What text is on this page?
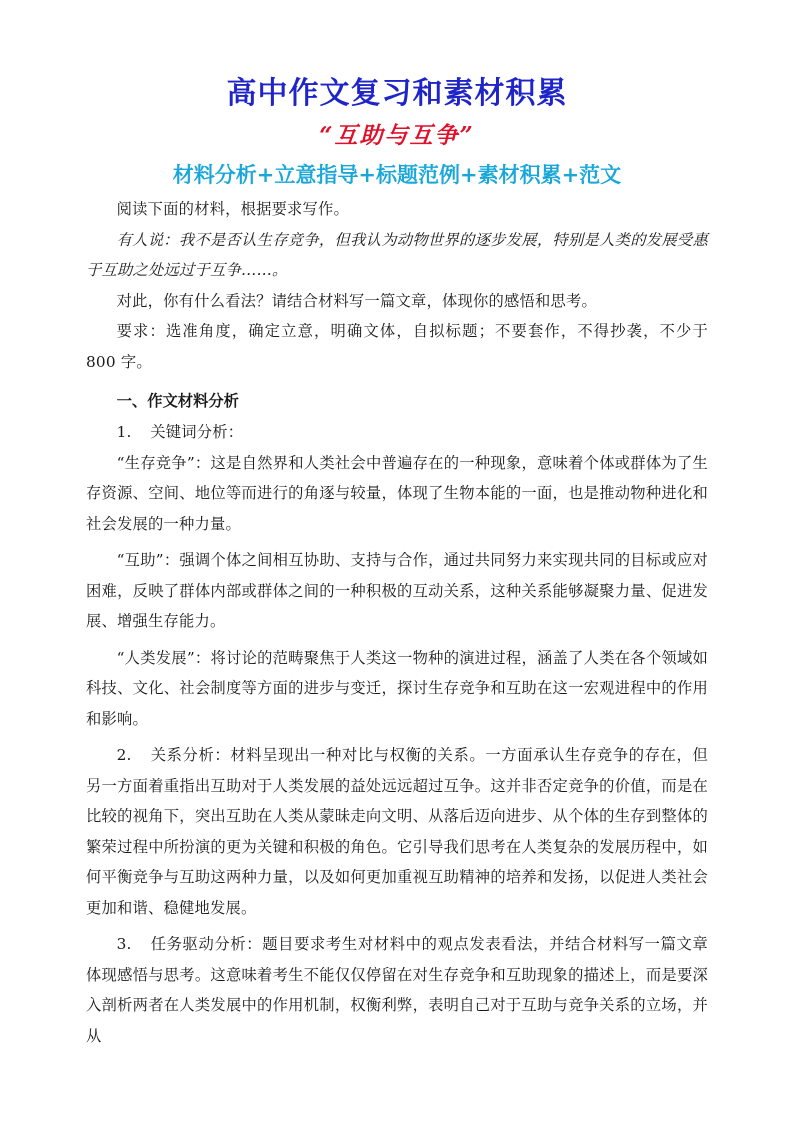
高中作文复习和素材积累
“互助与互争”
材料分析+立意指导+标题范例+素材积累+范文

阅读下面的材料，根据要求写作。

有人说：我不是否认生存竞争，但我认为动物世界的逐步发展，特别是人类的发展受惠于互助之处远过于互争……。

对此，你有什么看法？请结合材料写一篇文章，体现你的感悟和思考。

要求：选准角度，确定立意，明确文体，自拟标题；不要套作，不得抄袭，不少于 800 字。

一、作文材料分析

1. 关键词分析：

“生存竞争”：这是自然界和人类社会中普遍存在的一种现象，意味着个体或群体为了生存资源、空间、地位等而进行的角逐与较量，体现了生物本能的一面，也是推动物种进化和社会发展的一种力量。

“互助”：强调个体之间相互协助、支持与合作，通过共同努力来实现共同的目标或应对困难，反映了群体内部或群体之间的一种积极的互动关系，这种关系能够凝聚力量、促进发展、增强生存能力。

“人类发展”：将讨论的范畴聚焦于人类这一物种的演进过程，涵盖了人类在各个领域如科技、文化、社会制度等方面的进步与变迁，探讨生存竞争和互助在这一宏观进程中的作用和影响。

2. 关系分析：材料呈现出一种对比与权衡的关系。一方面承认生存竞争的存在，但另一方面着重指出互助对于人类发展的益处远远超过互争。这并非否定竞争的价值，而是在比较的视角下，突出互助在人类从蒙昧走向文明、从落后迈向进步、从个体的生存到整体的繁荣过程中所扮演的更为关键和积极的角色。它引导我们思考在人类复杂的发展历程中，如何平衡竞争与互助这两种力量，以及如何更加重视互助精神的培养和发扬，以促进人类社会更加和谐、稳健地发展。

3. 任务驱动分析：题目要求考生对材料中的观点发表看法，并结合材料写一篇文章体现感悟与思考。这意味着考生不能仅仅停留在对生存竞争和互助现象的描述上，而是要深入剖析两者在人类发展中的作用机制，权衡利弊，表明自己对于互助与竞争关系的立场，并从
